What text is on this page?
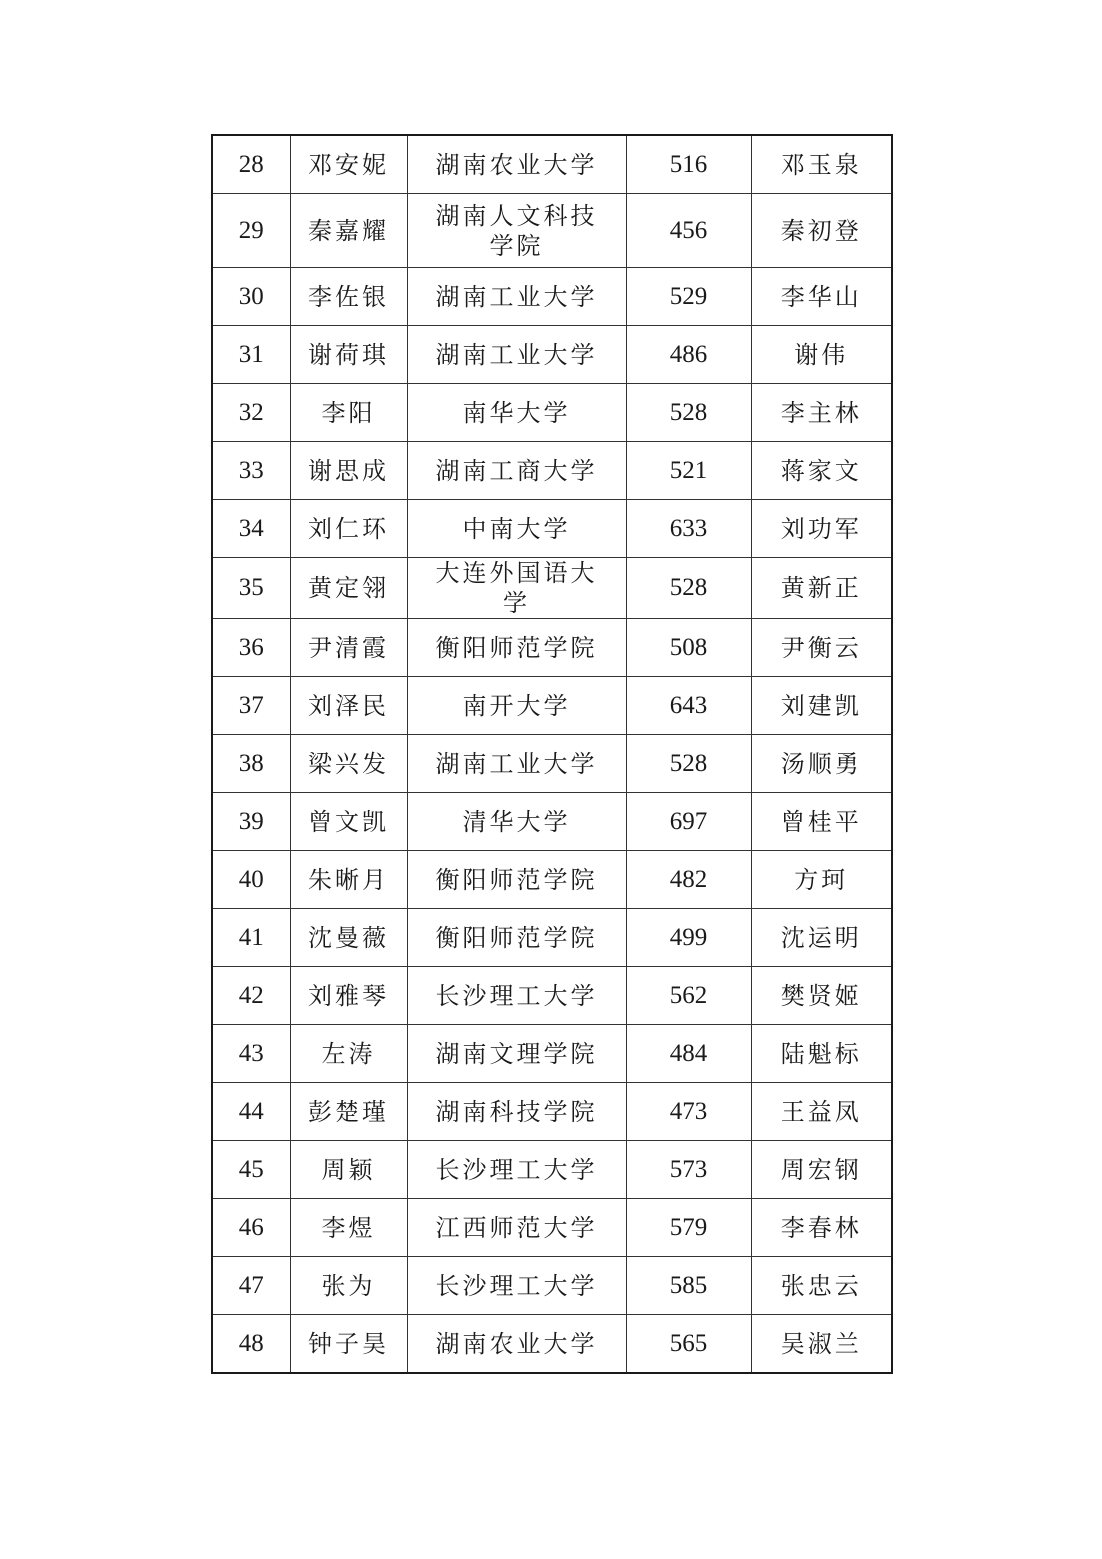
28	邓安妮	湖南农业大学	516	邓玉泉
29	秦嘉耀	湖南人文科技学院	456	秦初登
30	李佐银	湖南工业大学	529	李华山
31	谢荷琪	湖南工业大学	486	谢伟
32	李阳	南华大学	528	李主林
33	谢思成	湖南工商大学	521	蒋家文
34	刘仁环	中南大学	633	刘功军
35	黄定翎	大连外国语大学	528	黄新正
36	尹清霞	衡阳师范学院	508	尹衡云
37	刘泽民	南开大学	643	刘建凯
38	梁兴发	湖南工业大学	528	汤顺勇
39	曾文凯	清华大学	697	曾桂平
40	朱晰月	衡阳师范学院	482	方珂
41	沈曼薇	衡阳师范学院	499	沈运明
42	刘雅琴	长沙理工大学	562	樊贤姬
43	左涛	湖南文理学院	484	陆魁标
44	彭楚瑾	湖南科技学院	473	王益凤
45	周颖	长沙理工大学	573	周宏钢
46	李煜	江西师范大学	579	李春林
47	张为	长沙理工大学	585	张忠云
48	钟子昊	湖南农业大学	565	吴淑兰
